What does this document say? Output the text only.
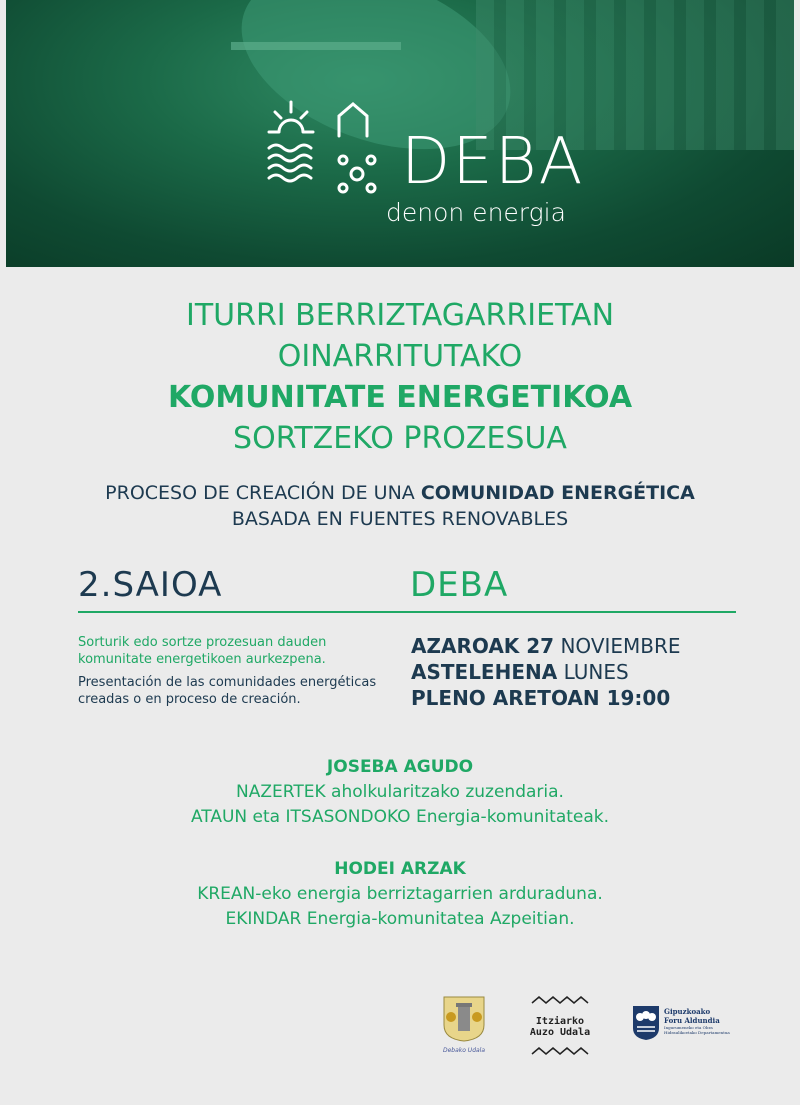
DEBA
denon energia
ITURRI BERRIZTAGARRIETAN
OINARRITUTAKO
KOMUNITATE ENERGETIKOA
SORTZEKO PROZESUA
PROCESO DE CREACIÓN DE UNA COMUNIDAD ENERGÉTICA
BASADA EN FUENTES RENOVABLES
2.SAIOA	DEBA

Sorturik edo sortze prozesuan dauden komunitate energetikoen aurkezpena.

Presentación de las comunidades energéticas creadas o en proceso de creación.

AZAROAK 27 NOVIEMBRE
ASTELEHENA LUNES
PLENO ARETOAN 19:00
JOSEBA AGUDO
NAZERTEK aholkularitzako zuzendaria.
ATAUN eta ITSASONDOKO Energia-komunitateak.
HODEI ARZAK
KREAN-eko energia berriztagarrien arduraduna.
EKINDAR Energia-komunitatea Azpeitian.
Debako Udala
Itziarko
Auzo Udala
Gipuzkoako
Foru Aldundia
Ingurumeneko eta Obra Hidraulikoetako Departamentua
